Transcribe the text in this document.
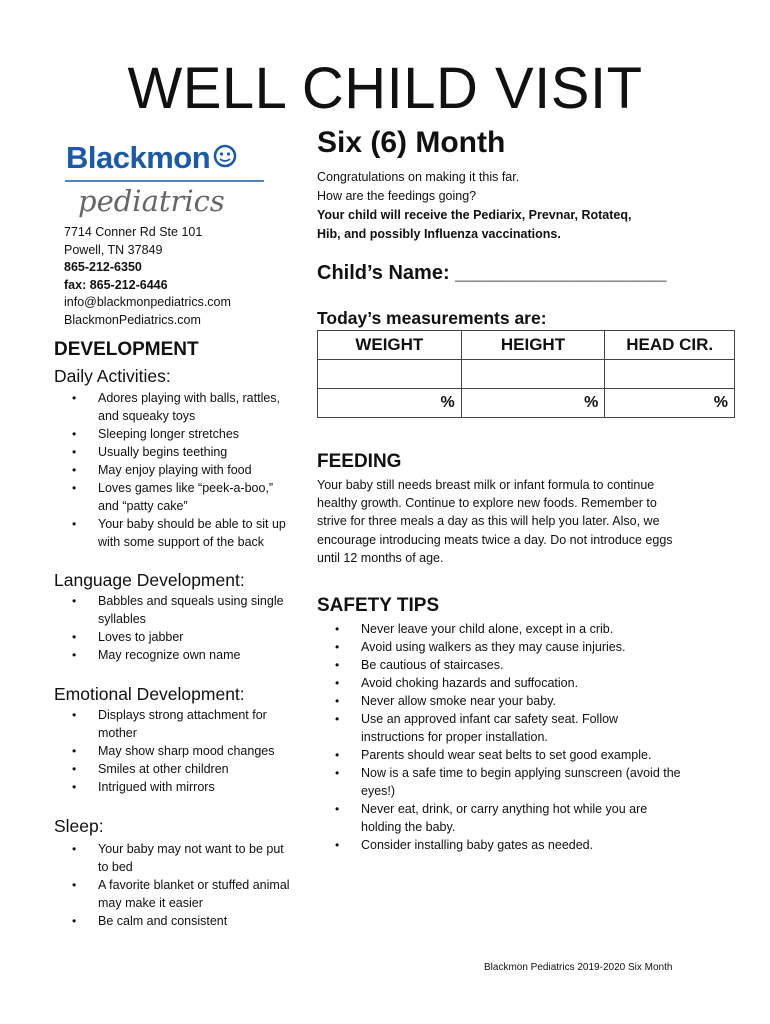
WELL CHILD VISIT
Blackmon
pediatrics
7714 Conner Rd Ste 101
Powell, TN 37849
865-212-6350
fax: 865-212-6446
info@blackmonpediatrics.com
BlackmonPediatrics.com
Six (6) Month
Congratulations on making it this far.
How are the feedings going?
Your child will receive the Pediarix, Prevnar, Rotateq,
Hib, and possibly Influenza vaccinations.
Child’s Name: ___________________
Today’s measurements are:
WEIGHT	HEIGHT	HEAD CIR.

%	%	%
DEVELOPMENT
Daily Activities:
• Adores playing with balls, rattles, and squeaky toys
• Sleeping longer stretches
• Usually begins teething
• May enjoy playing with food
• Loves games like “peek-a-boo,” and “patty cake”
• Your baby should be able to sit up with some support of the back
Language Development:
• Babbles and squeals using single syllables
• Loves to jabber
• May recognize own name
Emotional Development:
• Displays strong attachment for mother
• May show sharp mood changes
• Smiles at other children
• Intrigued with mirrors
Sleep:
• Your baby may not want to be put to bed
• A favorite blanket or stuffed animal may make it easier
• Be calm and consistent
FEEDING
Your baby still needs breast milk or infant formula to continue healthy growth. Continue to explore new foods. Remember to strive for three meals a day as this will help you later. Also, we encourage introducing meats twice a day. Do not introduce eggs until 12 months of age.
SAFETY TIPS
• Never leave your child alone, except in a crib.
• Avoid using walkers as they may cause injuries.
• Be cautious of staircases.
• Avoid choking hazards and suffocation.
• Never allow smoke near your baby.
• Use an approved infant car safety seat. Follow instructions for proper installation.
• Parents should wear seat belts to set good example.
• Now is a safe time to begin applying sunscreen (avoid the eyes!)
• Never eat, drink, or carry anything hot while you are holding the baby.
• Consider installing baby gates as needed.
Blackmon Pediatrics 2019-2020 Six Month
